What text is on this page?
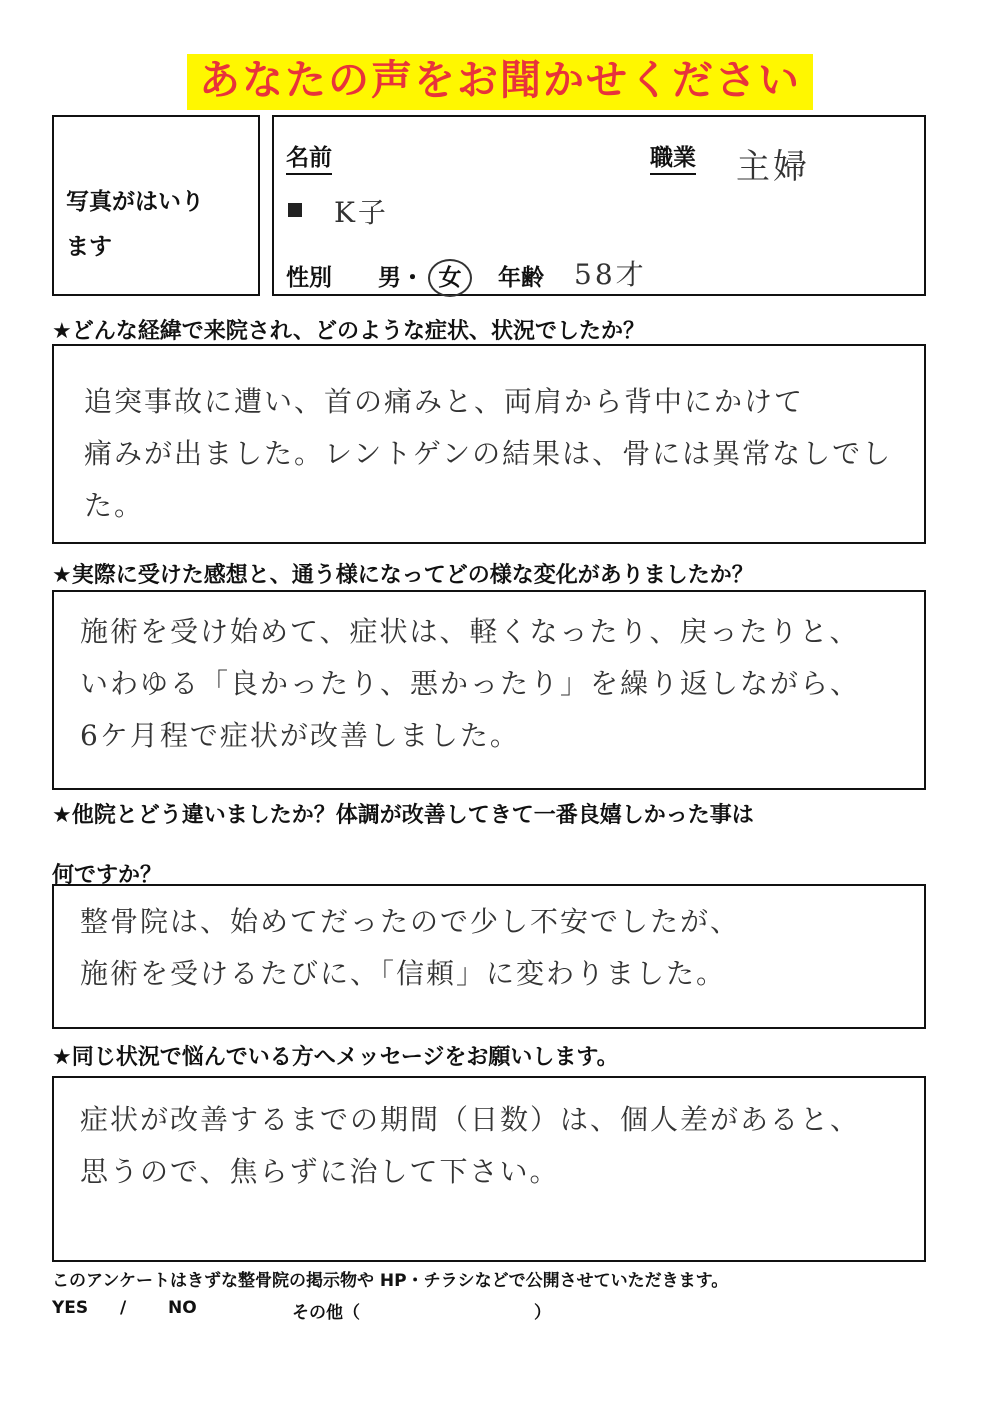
あなたの声をお聞かせください
写真がはいり
ます
名前	職業 主婦
K子
性別 男・ 女	年齢 58才
★どんな経緯で来院され、どのような症状、状況でしたか？
追突事故に遭い、首の痛みと、両肩から背中にかけて
痛みが出ました。レントゲンの結果は、骨には異常なしでした。
★実際に受けた感想と、通う様になってどの様な変化がありましたか？
施術を受け始めて、症状は、軽くなったり、戻ったりと、
いわゆる「良かったり、悪かったり」を繰り返しながら、
6ケ月程で症状が改善しました。
★他院とどう違いましたか？体調が改善してきて一番良嬉しかった事は
何ですか？
整骨院は、始めてだったので少し不安でしたが、
施術を受けるたびに、「信頼」に変わりました。
★同じ状況で悩んでいる方へメッセージをお願いします。
症状が改善するまでの期間（日数）は、個人差があると、
思うので、焦らずに治して下さい。
このアンケートはきずな整骨院の掲示物や HP・チラシなどで公開させていただきます。
YES / NO	その他（	）
